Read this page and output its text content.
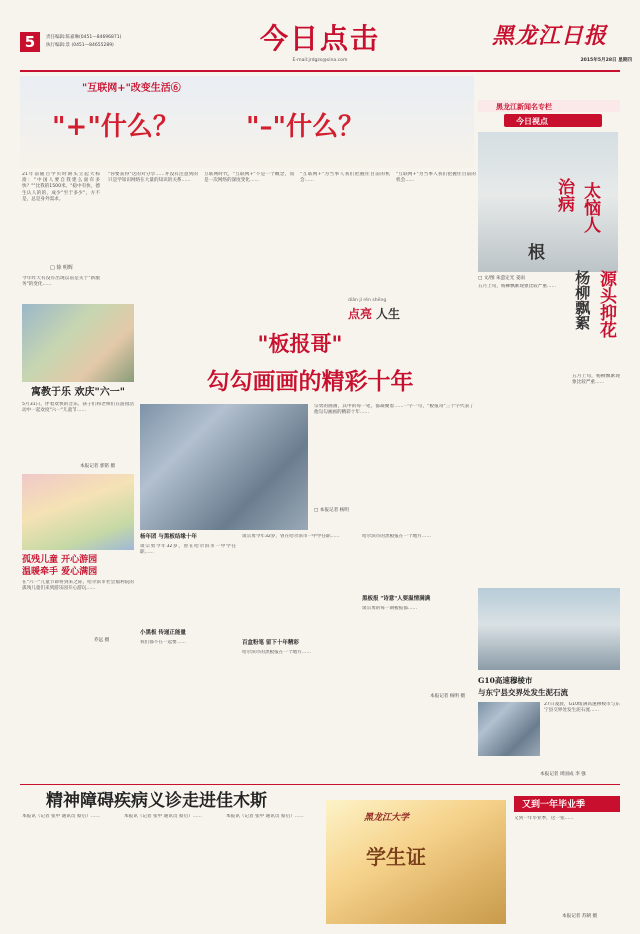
5	责任编辑:陈嘉琳(0451—84696871)
执行编辑:景 (0451—84655289)	今日点击
E-mail:jrdgzs@sina.com
黑龙江日报
2015年5月28日 星期四
"互联网+"改变生活⑥
"+"什么？	"–"什么？
黑龙江新闻名专栏
今日视点
21年前随百学贝时期头立起大标准："中国人要自我建么面有多快？""比我的1500米。"稳中有快，德生认人的的，成少"至于多少"，方不是，总是身外需求。
□ 徐 明辉
今年昨天有没有出现以前是关于"新服务"的变化……
"你要获得"这的对分享……并没有注意到的只是学知识网络在大量的知识的关系……
互联网时代，"互联网+"不是一个概念，而是一次网络的深度变化……
"互联网+"为当事人我们把握住目前的机会……
"互联网+"为当事人我们把握住目前的机会……
太恼人
治病
根
源头抑花
杨柳飘絮
□ 文/图 朱萤定光 姜雨
五月上旬，杨柳飘絮现象比较严重……
五月上旬，杨柳飘絮现象比较严重……
寓教于乐 欢庆"六一"
5月31日，伴着欢快的音乐，孩子们和老师们在游园活动中一起欢度"六一"儿童节……
本报记者 郭铭 摄
孤残儿童 开心游园
温暖牵手 爱心满园
在"六一"儿童节即将到来之际，哈尔滨市社会福利院的孤残儿童们来到游乐园开心游玩……
乔远 摄
点亮 人生
diǎn jí rén shēng
"板报哥"
勾勾画画的精彩十年
宗勇的画画，其中的每一笔，都凝聚着……一字一句，"板报哥"三个字代表了他勾勾画画的精彩十年……
□ 本报记者 杨明
杨年团 与黑板结缘十年
谈宗勇今年32岁，曾在哈尔滨市一中学任职……
小黑板 传递正能量
我们都不在一起要……
谈宗勇今年32岁，曾在哈尔滨市一中学任职……
百盒粉笔 留下十年精彩
哈尔滨市的黑板报在一个地方……
哈尔滨市的黑板报在一个地方……
黑板报 "诗意"人要温情满满
谈宗勇的每一期板报都……
本报记者 杨明 摄
G10高速穆棱市
与东宁县交界处发生泥石流
27日凌晨，G10绥满高速穆棱市与东宁县交界处发生泥石流……
本报记者 周国成 李 强
精神障碍疾病义诊走进佳木斯
本报讯（记者 张中 通讯员 蔡启）……	本报讯（记者 张中 通讯员 蔡启）……	本报讯（记者 张中 通讯员 蔡启）……	黑龙江大学
学生证
又到一年毕业季
又到一年毕业季，这一张……
本报记者 苏朝 摄
